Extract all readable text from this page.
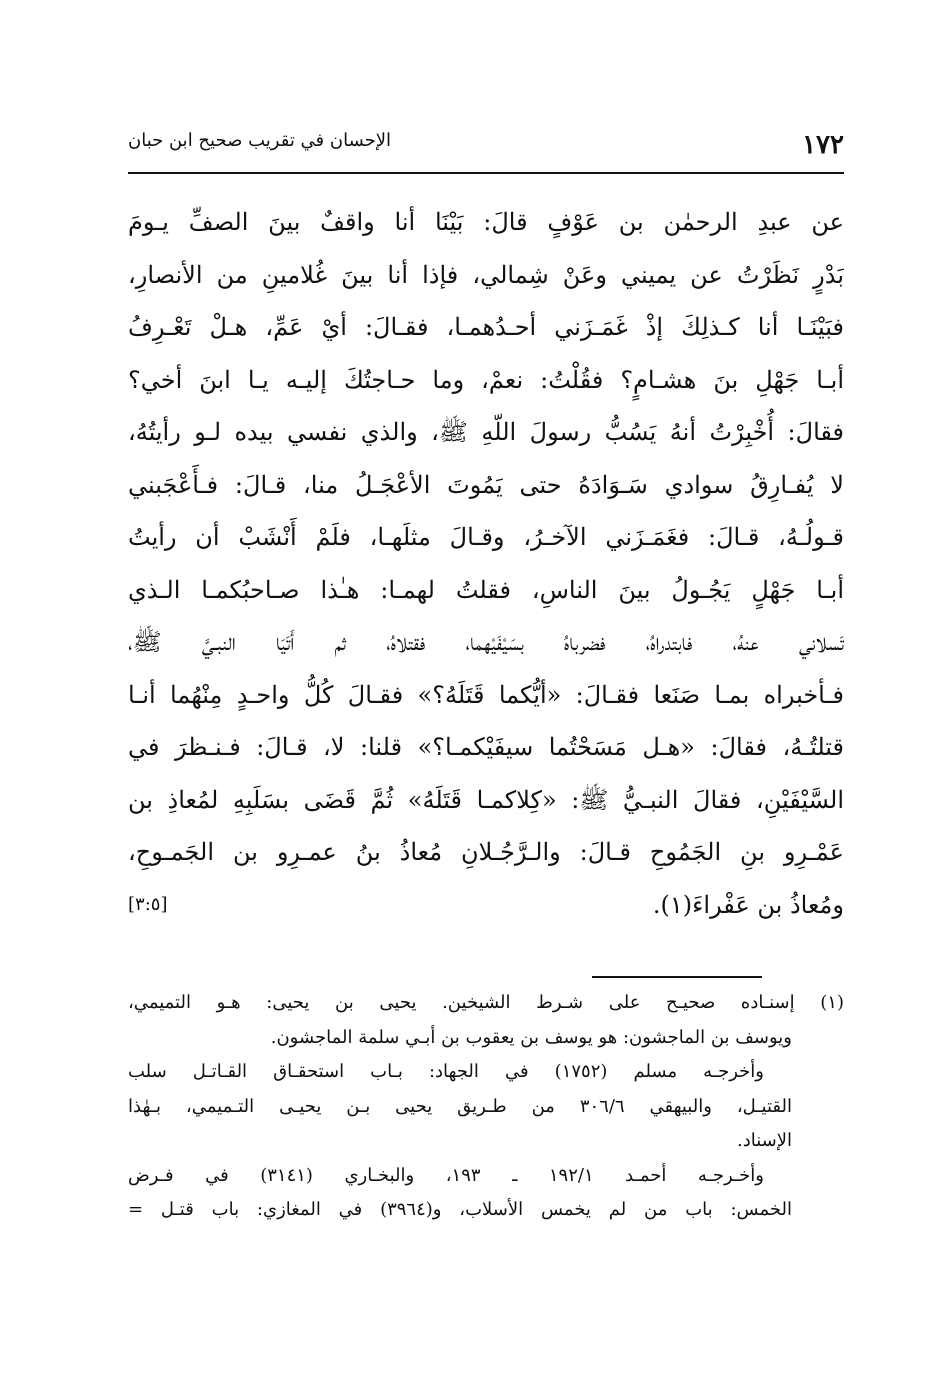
١٧٢
الإحسان في تقريب صحيح ابن حبان
عن عبدِ الرحمٰن بن عَوْفٍ قالَ: بَيْنَا أنا واقفٌ بينَ الصفِّ يـومَ
بَدْرٍ نَظَرْتُ عن يميني وعَنْ شِمالي، فإذا أنا بينَ غُلامينِ من الأنصارِ،
فبَيْنَـا أنا كـذلِكَ إذْ غَمَـزَني أحـدُهمـا، فقـالَ: أيْ عَمِّ، هـلْ تَعْـرِفُ
أبـا جَهْلِ بنَ هشـامٍ؟ فقُلْتُ: نعمْ، وما حـاجتُكَ إليـه يـا ابنَ أخي؟
فقالَ: أُخْبِرْتُ أنهُ يَسُبُّ رسولَ اللّهِ ﷺ، والذي نفسي بيده لـو رأيتُهُ،
لا يُفـارِقُ سوادي سَـوَادَهُ حتى يَمُوتَ الأعْجَـلُ منا، قـالَ: فـأَعْجَبني
قـولُـهُ، قـالَ: فغَمَـزَني الآخـرُ، وقـالَ مثلَهـا، فلَمْ أَنْشَبْ أن رأيتُ
أبـا جَهْلٍ يَجُـولُ بينَ الناسِ، فقلتُ لهمـا: هـٰذا صـاحبُكمـا الـذي
تَسلاني عنهُ، فابتدراهُ، فضرباهُ بسَيْفَيْهما، فقتلاهُ، ثم أَتَيَا النبـيَّ ﷺ،
فـأخبراه بمـا صَنَعا فقـالَ: «أيُّكما قَتَلَهُ؟» فقـالَ كُلُّ واحـدٍ مِنْهُما أنـا
قتلتُـهُ، فقالَ: «هـل مَسَحْتُما سيفَيْكمـا؟» قلنا: لا، قـالَ: فـنـظرَ في
السَّيْفَيْنِ، فقالَ النبـيُّ ﷺ: «كِلاكمـا قَتَلَهُ» ثُمَّ قَضَى بسَلَبِهِ لمُعاذِ بن
عَمْـرِو بنِ الجَمُوحِ قـالَ: والـرَّجُـلانِ مُعاذُ بنُ عمـرِو بن الجَمـوحِ،
ومُعاذُ بن عَفْراءَ(١).
[٣:٥]
(١) إسنـاده صحيـح على شـرط الشيخين. يحيى بن يحيى: هـو التميمي،
ويوسف بن الماجشون: هو يوسف بن يعقوب بن أبـي سلمة الماجشون.
وأخرجـه مسلم (١٧٥٢) في الجهاد: بـاب استحقـاق القـاتـل سلب
القتيـل، والبيهقي ٣٠٦/٦ من طـريق يحيى بـن يحيـى التـميمي، بـهٰذا
الإسناد.
وأخـرجـه أحمـد ١٩٢/١ ـ ١٩٣، والبخـاري (٣١٤١) في فـرض
الخمس: باب من لم يخمس الأسلاب، و(٣٩٦٤) في المغازي: باب قتـل =
